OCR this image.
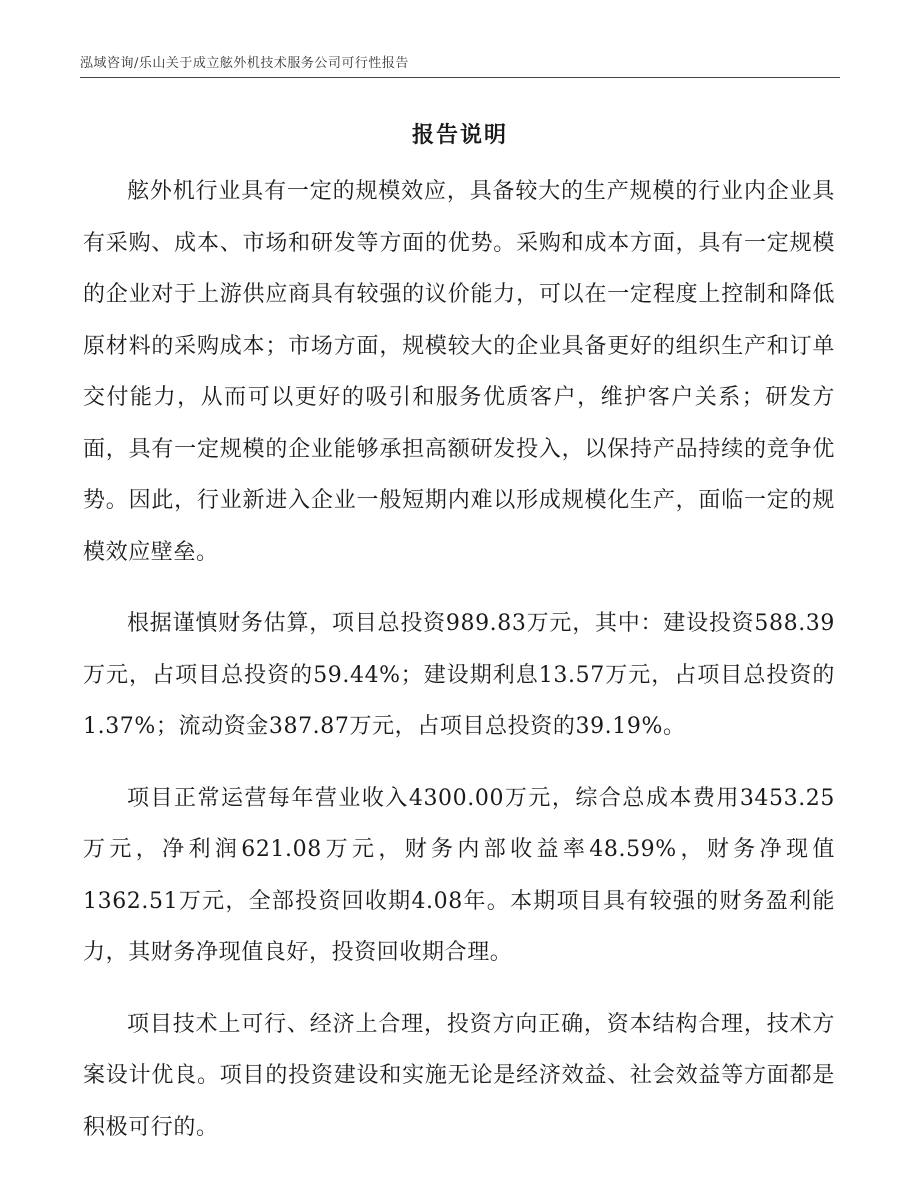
泓域咨询/乐山关于成立舷外机技术服务公司可行性报告
报告说明

舷外机行业具有一定的规模效应，具备较大的生产规模的行业内企业具有采购、成本、市场和研发等方面的优势。采购和成本方面，具有一定规模的企业对于上游供应商具有较强的议价能力，可以在一定程度上控制和降低原材料的采购成本；市场方面，规模较大的企业具备更好的组织生产和订单交付能力，从而可以更好的吸引和服务优质客户，维护客户关系；研发方面，具有一定规模的企业能够承担高额研发投入，以保持产品持续的竞争优势。因此，行业新进入企业一般短期内难以形成规模化生产，面临一定的规模效应壁垒。

根据谨慎财务估算，项目总投资989.83万元，其中：建设投资588.39万元，占项目总投资的59.44%；建设期利息13.57万元，占项目总投资的1.37%；流动资金387.87万元，占项目总投资的39.19%。

项目正常运营每年营业收入4300.00万元，综合总成本费用3453.25万元，净利润621.08万元，财务内部收益率48.59%，财务净现值1362.51万元，全部投资回收期4.08年。本期项目具有较强的财务盈利能力，其财务净现值良好，投资回收期合理。

项目技术上可行、经济上合理，投资方向正确，资本结构合理，技术方案设计优良。项目的投资建设和实施无论是经济效益、社会效益等方面都是积极可行的。
